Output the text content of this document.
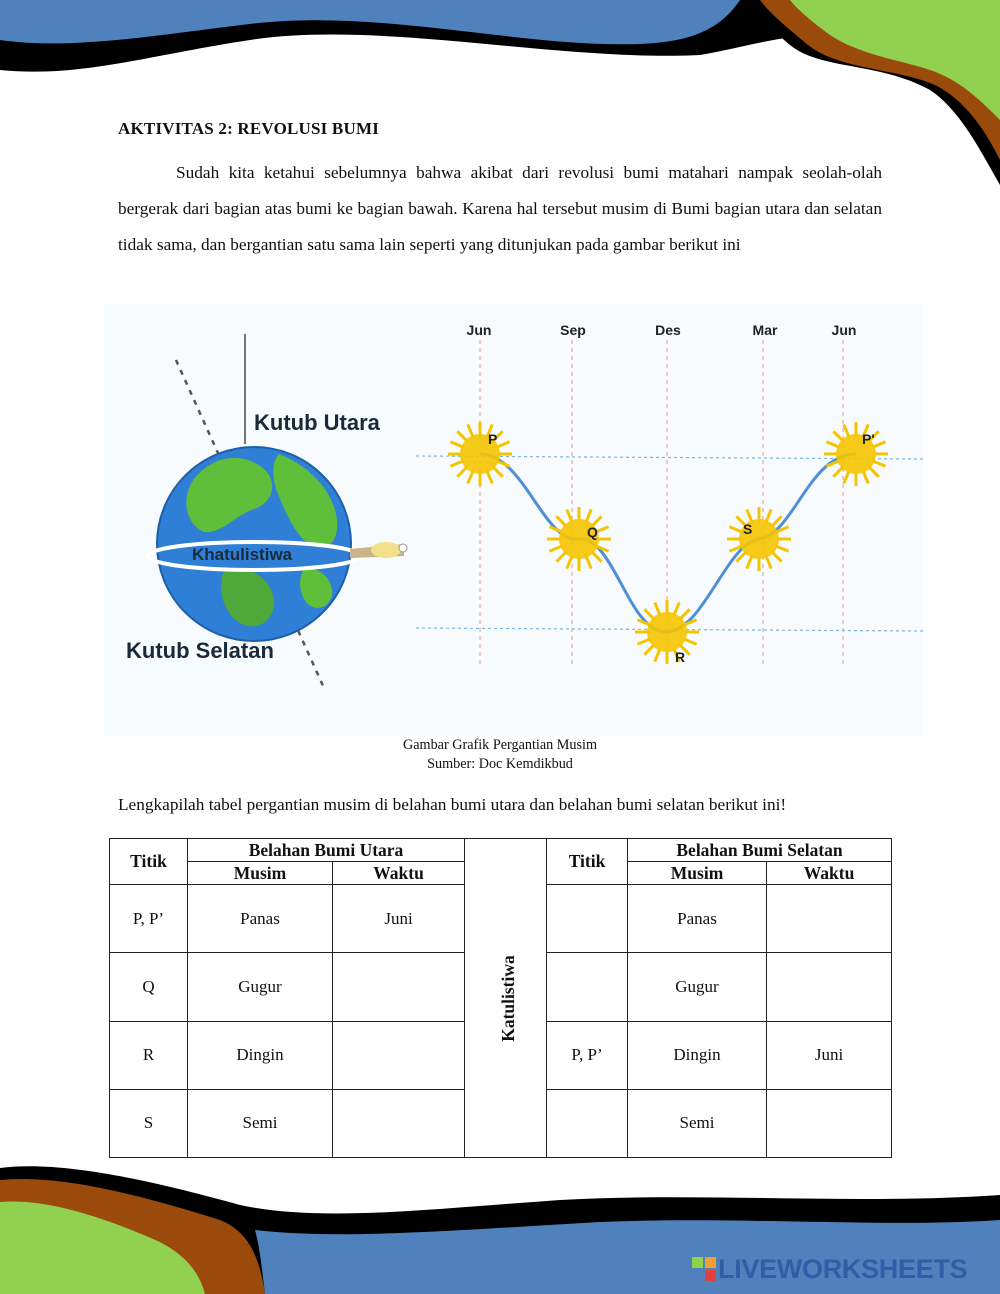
AKTIVITAS 2: REVOLUSI BUMI

Sudah kita ketahui sebelumnya bahwa akibat dari revolusi bumi matahari nampak seolah-olah bergerak dari bagian atas bumi ke bagian bawah. Karena hal tersebut musim di Bumi bagian utara dan selatan tidak sama, dan bergantian satu sama lain seperti yang ditunjukan pada gambar berikut ini

Kutub Utara
Khatulistiwa
Kutub Selatan
Jun	Sep	Des	Mar	Jun
P
Q
R
S
P'
Gambar Grafik Pergantian Musim
Sumber: Doc Kemdikbud
Lengkapilah tabel pergantian musim di belahan bumi utara dan belahan bumi selatan berikut ini!
Titik	Belahan Bumi Utara		Katulistiwa	Titik	Belahan Bumi Selatan	
	Musim	Waktu			Musim	Waktu
P, P’	Panas	Juni			Panas	
Q	Gugur				Gugur	
R	Dingin			P, P’	Dingin	Juni
S	Semi				Semi	
LIVEWORKSHEETS
